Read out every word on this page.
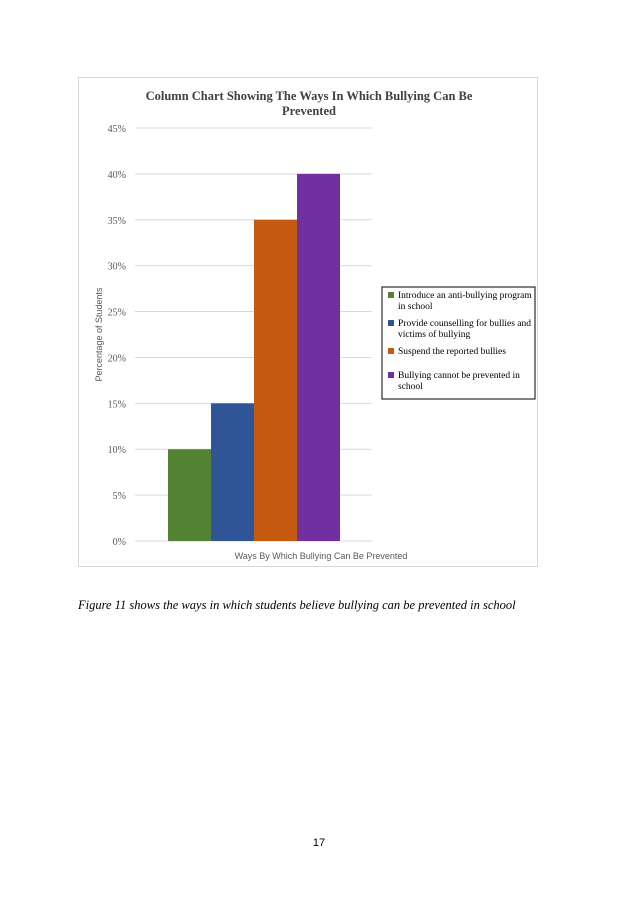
Column Chart Showing The Ways In Which Bullying Can Be
Prevented
0%
5%
10%
15%
20%
25%
30%
35%
40%
45%
Percentage of Students
Ways By Which Bullying Can Be Prevented
Introduce an anti-bullying program
in school
Provide counselling for bullies and
victims of bullying
Suspend the reported bullies
Bullying cannot be prevented in
school
Figure 11 shows the ways in which students believe bullying can be prevented in school
17
